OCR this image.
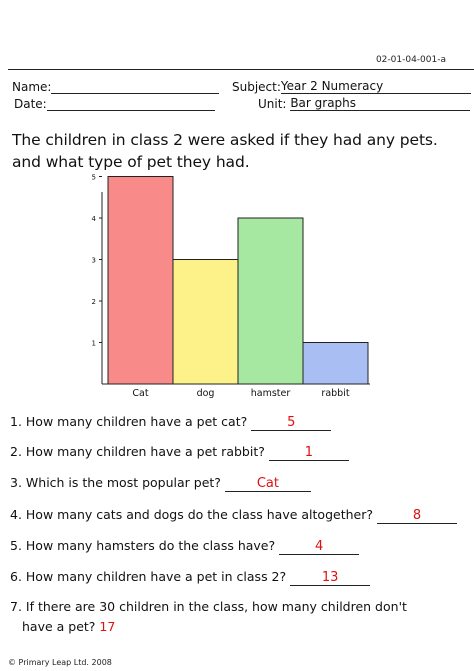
02-01-04-001-a
Name:
Date:
Subject:Year 2 Numeracy
Unit: Bar graphs
The children in class 2 were asked if they had any pets. and what type of pet they had.
Cat	dog	hamster	rabbit
1
2
3
4
5
1. How many children have a pet cat?	5
2. How many children have a pet rabbit?	1
3. Which is the most popular pet?	Cat
4. How many cats and dogs do the class have altogether?	8
5. How many hamsters do the class have?	4
6. How many children have a pet in class 2?	13
7. If there are 30 children in the class, how many children don't
have a pet? 17
© Primary Leap Ltd. 2008
